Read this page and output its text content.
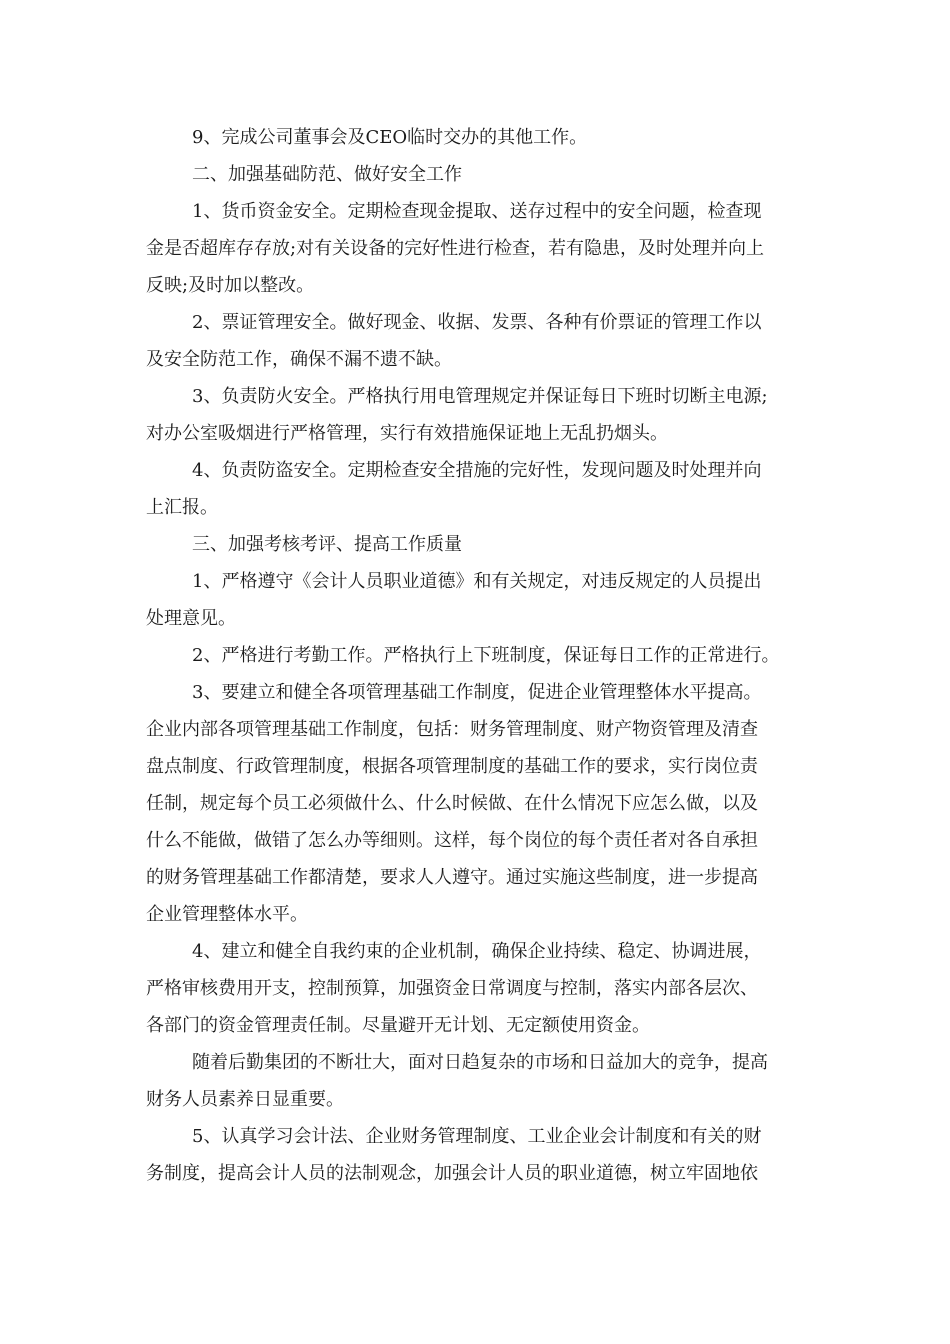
9、完成公司董事会及CEO临时交办的其他工作。
二、加强基础防范、做好安全工作
1、货币资金安全。定期检查现金提取、送存过程中的安全问题，检查现
金是否超库存存放;对有关设备的完好性进行检查，若有隐患，及时处理并向上
反映;及时加以整改。
2、票证管理安全。做好现金、收据、发票、各种有价票证的管理工作以
及安全防范工作，确保不漏不遗不缺。
3、负责防火安全。严格执行用电管理规定并保证每日下班时切断主电源;
对办公室吸烟进行严格管理，实行有效措施保证地上无乱扔烟头。
4、负责防盗安全。定期检查安全措施的完好性，发现问题及时处理并向
上汇报。
三、加强考核考评、提高工作质量
1、严格遵守《会计人员职业道德》和有关规定，对违反规定的人员提出
处理意见。
2、严格进行考勤工作。严格执行上下班制度，保证每日工作的正常进行。
3、要建立和健全各项管理基础工作制度，促进企业管理整体水平提高。
企业内部各项管理基础工作制度，包括：财务管理制度、财产物资管理及清查
盘点制度、行政管理制度，根据各项管理制度的基础工作的要求，实行岗位责
任制，规定每个员工必须做什么、什么时候做、在什么情况下应怎么做，以及
什么不能做，做错了怎么办等细则。这样，每个岗位的每个责任者对各自承担
的财务管理基础工作都清楚，要求人人遵守。通过实施这些制度，进一步提高
企业管理整体水平。
4、建立和健全自我约束的企业机制，确保企业持续、稳定、协调进展，
严格审核费用开支，控制预算，加强资金日常调度与控制，落实内部各层次、
各部门的资金管理责任制。尽量避开无计划、无定额使用资金。
随着后勤集团的不断壮大，面对日趋复杂的市场和日益加大的竞争，提高
财务人员素养日显重要。
5、认真学习会计法、企业财务管理制度、工业企业会计制度和有关的财
务制度，提高会计人员的法制观念，加强会计人员的职业道德，树立牢固地依
